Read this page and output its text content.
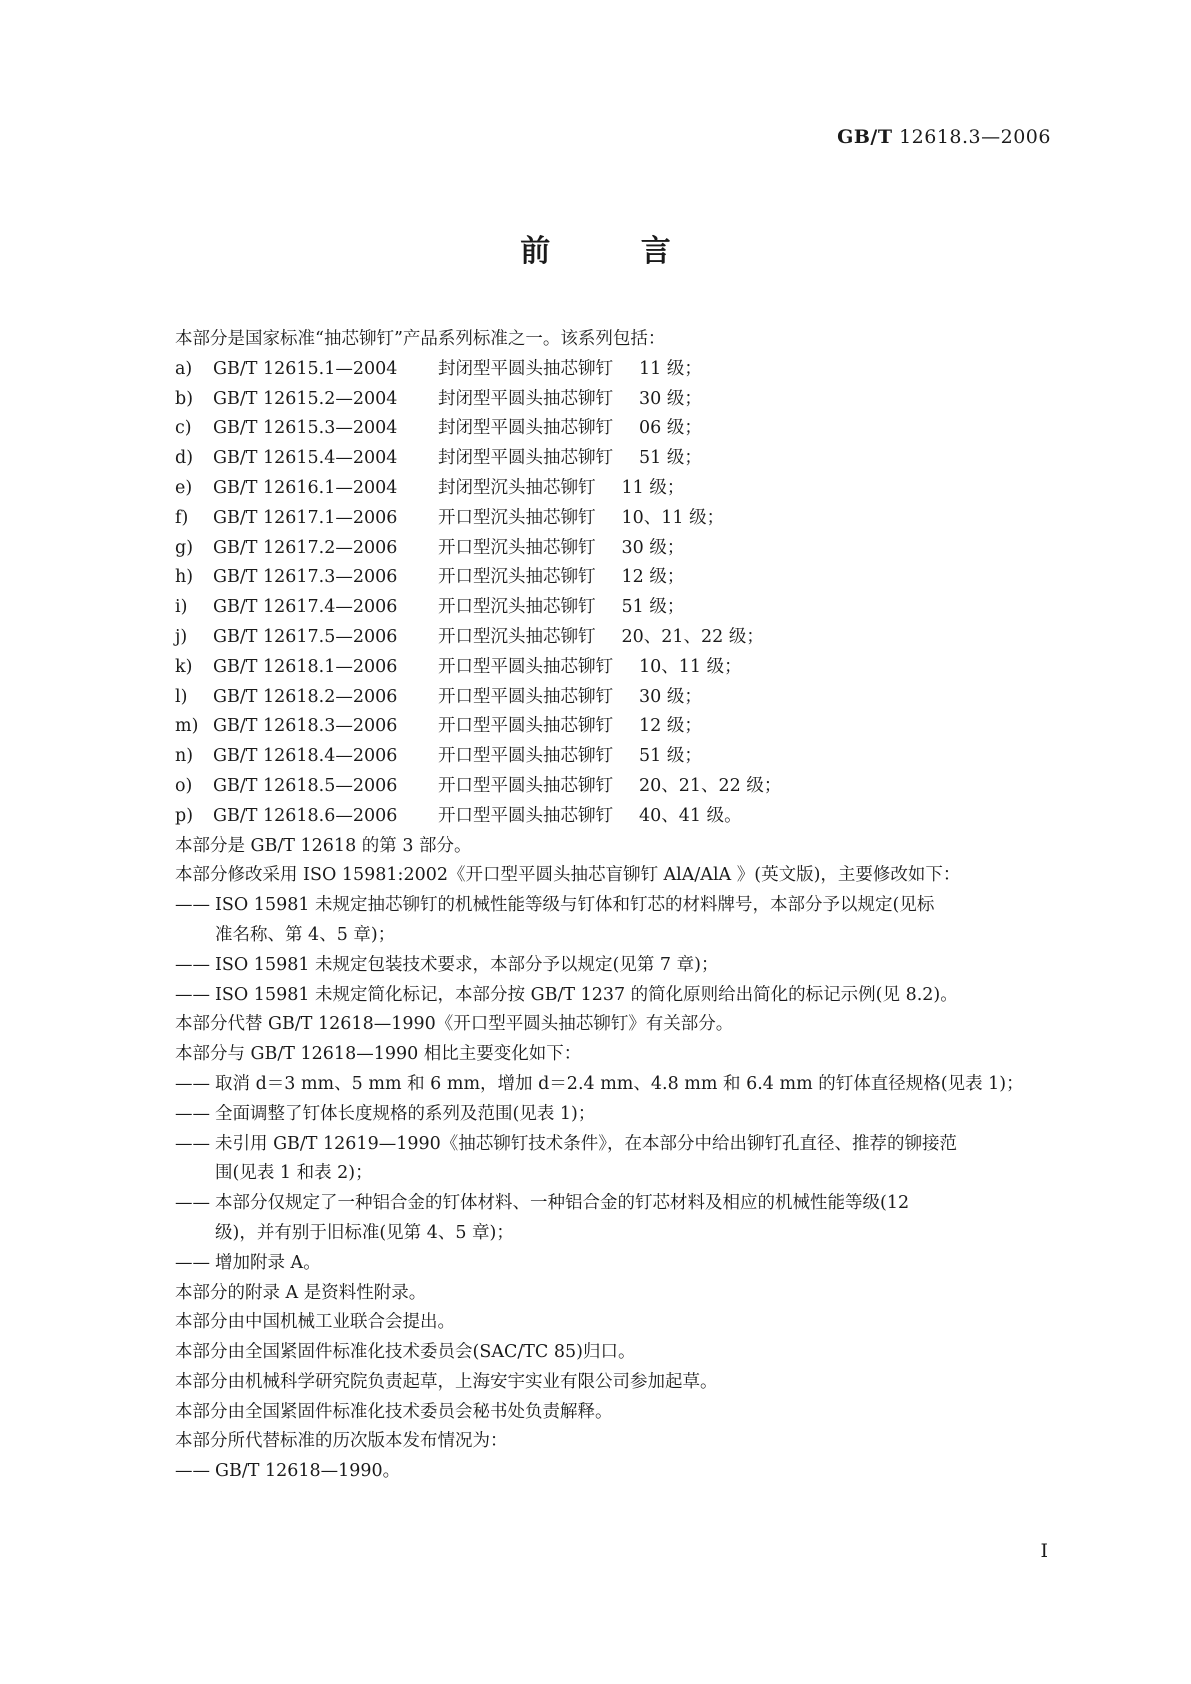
GB/T 12618.3—2006
前 言
本部分是国家标准“抽芯铆钉”产品系列标准之一。该系列包括：
a) GB/T 12615.1—2004 封闭型平圆头抽芯铆钉 11 级；
b) GB/T 12615.2—2004 封闭型平圆头抽芯铆钉 30 级；
c) GB/T 12615.3—2004 封闭型平圆头抽芯铆钉 06 级；
d) GB/T 12615.4—2004 封闭型平圆头抽芯铆钉 51 级；
e) GB/T 12616.1—2004 封闭型沉头抽芯铆钉 11 级；
f) GB/T 12617.1—2006 开口型沉头抽芯铆钉 10、11 级；
g) GB/T 12617.2—2006 开口型沉头抽芯铆钉 30 级；
h) GB/T 12617.3—2006 开口型沉头抽芯铆钉 12 级；
i) GB/T 12617.4—2006 开口型沉头抽芯铆钉 51 级；
j) GB/T 12617.5—2006 开口型沉头抽芯铆钉 20、21、22 级；
k) GB/T 12618.1—2006 开口型平圆头抽芯铆钉 10、11 级；
l) GB/T 12618.2—2006 开口型平圆头抽芯铆钉 30 级；
m) GB/T 12618.3—2006 开口型平圆头抽芯铆钉 12 级；
n) GB/T 12618.4—2006 开口型平圆头抽芯铆钉 51 级；
o) GB/T 12618.5—2006 开口型平圆头抽芯铆钉 20、21、22 级；
p) GB/T 12618.6—2006 开口型平圆头抽芯铆钉 40、41 级。
本部分是 GB/T 12618 的第 3 部分。
本部分修改采用 ISO 15981:2002《开口型平圆头抽芯盲铆钉 AlA/AlA 》(英文版)，主要修改如下：
—— ISO 15981 未规定抽芯铆钉的机械性能等级与钉体和钉芯的材料牌号，本部分予以规定(见标
准名称、第 4、5 章)；
—— ISO 15981 未规定包装技术要求，本部分予以规定(见第 7 章)；
—— ISO 15981 未规定简化标记，本部分按 GB/T 1237 的简化原则给出简化的标记示例(见 8.2)。
本部分代替 GB/T 12618—1990《开口型平圆头抽芯铆钉》有关部分。
本部分与 GB/T 12618—1990 相比主要变化如下：
—— 取消 d＝3 mm、5 mm 和 6 mm，增加 d＝2.4 mm、4.8 mm 和 6.4 mm 的钉体直径规格(见表 1)；
—— 全面调整了钉体长度规格的系列及范围(见表 1)；
—— 未引用 GB/T 12619—1990《抽芯铆钉技术条件》，在本部分中给出铆钉孔直径、推荐的铆接范
围(见表 1 和表 2)；
—— 本部分仅规定了一种铝合金的钉体材料、一种铝合金的钉芯材料及相应的机械性能等级(12
级)，并有别于旧标准(见第 4、5 章)；
—— 增加附录 A。
本部分的附录 A 是资料性附录。
本部分由中国机械工业联合会提出。
本部分由全国紧固件标准化技术委员会(SAC/TC 85)归口。
本部分由机械科学研究院负责起草，上海安宇实业有限公司参加起草。
本部分由全国紧固件标准化技术委员会秘书处负责解释。
本部分所代替标准的历次版本发布情况为：
—— GB/T 12618—1990。
I
